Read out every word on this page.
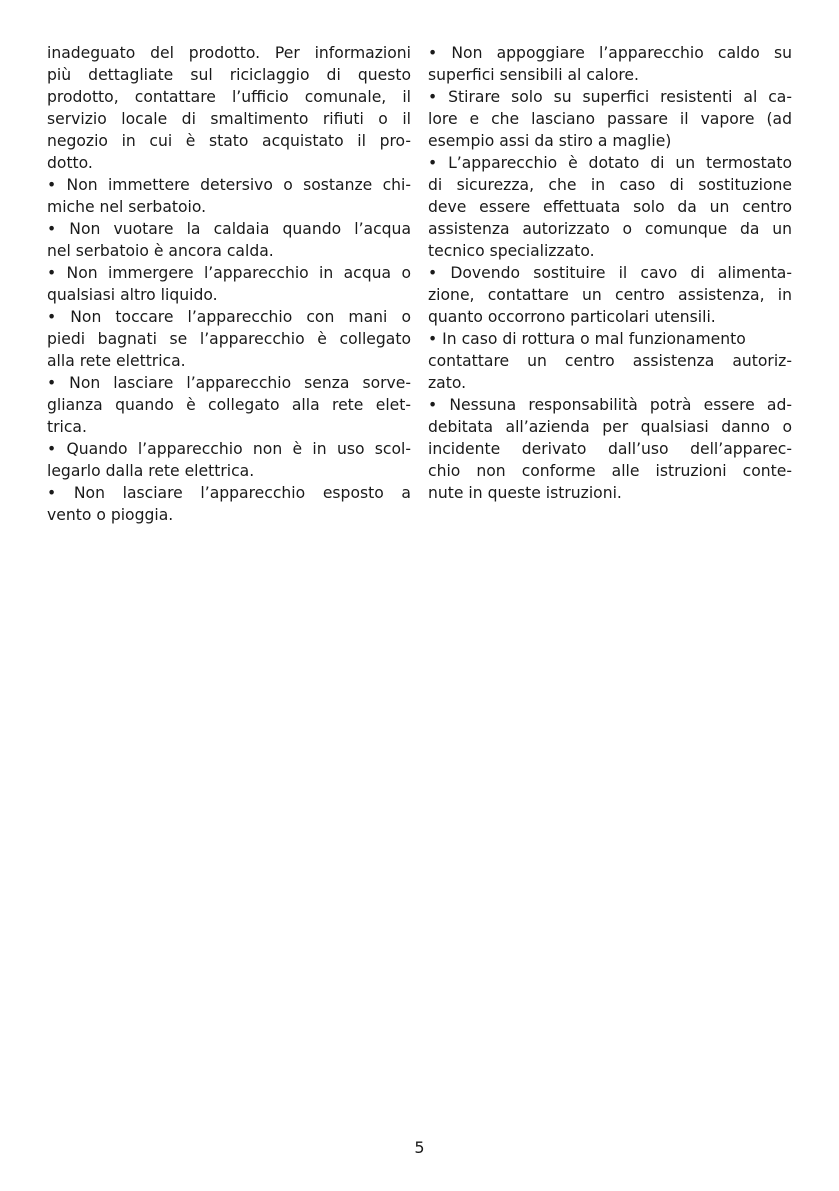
inadeguato del prodotto. Per informazioni
più dettagliate sul riciclaggio di questo
prodotto, contattare l’ufficio comunale, il
servizio locale di smaltimento rifiuti o il
negozio in cui è stato acquistato il pro-
dotto.
• Non immettere detersivo o sostanze chi-
miche nel serbatoio.
• Non vuotare la caldaia quando l’acqua
nel serbatoio è ancora calda.
• Non immergere l’apparecchio in acqua o
qualsiasi altro liquido.
• Non toccare l’apparecchio con mani o
piedi bagnati se l’apparecchio è collegato
alla rete elettrica.
• Non lasciare l’apparecchio senza sorve-
glianza quando è collegato alla rete elet-
trica.
• Quando l’apparecchio non è in uso scol-
legarlo dalla rete elettrica.
• Non lasciare l’apparecchio esposto a
vento o pioggia.
• Non appoggiare l’apparecchio caldo su
superfici sensibili al calore.
• Stirare solo su superfici resistenti al ca-
lore e che lasciano passare il vapore (ad
esempio assi da stiro a maglie)
• L’apparecchio è dotato di un termostato
di sicurezza, che in caso di sostituzione
deve essere effettuata solo da un centro
assistenza autorizzato o comunque da un
tecnico specializzato.
• Dovendo sostituire il cavo di alimenta-
zione, contattare un centro assistenza, in
quanto occorrono particolari utensili.
• In caso di rottura o mal funzionamento
contattare un centro assistenza autoriz-
zato.
• Nessuna responsabilità potrà essere ad-
debitata all’azienda per qualsiasi danno o
incidente derivato dall’uso dell’apparec-
chio non conforme alle istruzioni conte-
nute in queste istruzioni.
5
